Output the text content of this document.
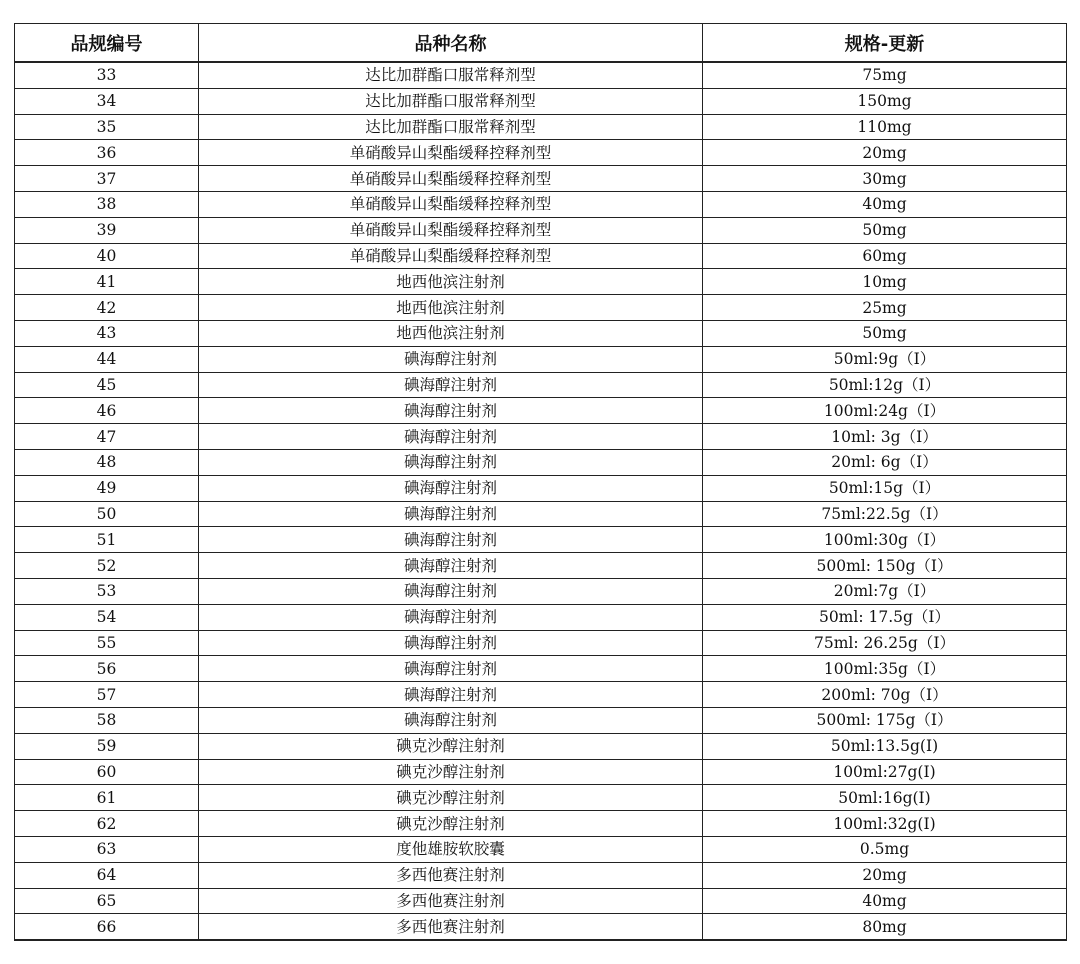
品规编号	品种名称	规格-更新
33	达比加群酯口服常释剂型	75mg
34	达比加群酯口服常释剂型	150mg
35	达比加群酯口服常释剂型	110mg
36	单硝酸异山梨酯缓释控释剂型	20mg
37	单硝酸异山梨酯缓释控释剂型	30mg
38	单硝酸异山梨酯缓释控释剂型	40mg
39	单硝酸异山梨酯缓释控释剂型	50mg
40	单硝酸异山梨酯缓释控释剂型	60mg
41	地西他滨注射剂	10mg
42	地西他滨注射剂	25mg
43	地西他滨注射剂	50mg
44	碘海醇注射剂	50ml:9g（Ⅰ）
45	碘海醇注射剂	50ml:12g（Ⅰ）
46	碘海醇注射剂	100ml:24g（Ⅰ）
47	碘海醇注射剂	10ml: 3g（Ⅰ）
48	碘海醇注射剂	20ml: 6g（Ⅰ）
49	碘海醇注射剂	50ml:15g（Ⅰ）
50	碘海醇注射剂	75ml:22.5g（Ⅰ）
51	碘海醇注射剂	100ml:30g（Ⅰ）
52	碘海醇注射剂	500ml: 150g（Ⅰ）
53	碘海醇注射剂	20ml:7g（Ⅰ）
54	碘海醇注射剂	50ml: 17.5g（Ⅰ）
55	碘海醇注射剂	75ml: 26.25g（Ⅰ）
56	碘海醇注射剂	100ml:35g（Ⅰ）
57	碘海醇注射剂	200ml: 70g（Ⅰ）
58	碘海醇注射剂	500ml: 175g（Ⅰ）
59	碘克沙醇注射剂	50ml:13.5g(Ⅰ)
60	碘克沙醇注射剂	100ml:27g(Ⅰ)
61	碘克沙醇注射剂	50ml:16g(Ⅰ)
62	碘克沙醇注射剂	100ml:32g(Ⅰ)
63	度他雄胺软胶囊	0.5mg
64	多西他赛注射剂	20mg
65	多西他赛注射剂	40mg
66	多西他赛注射剂	80mg
